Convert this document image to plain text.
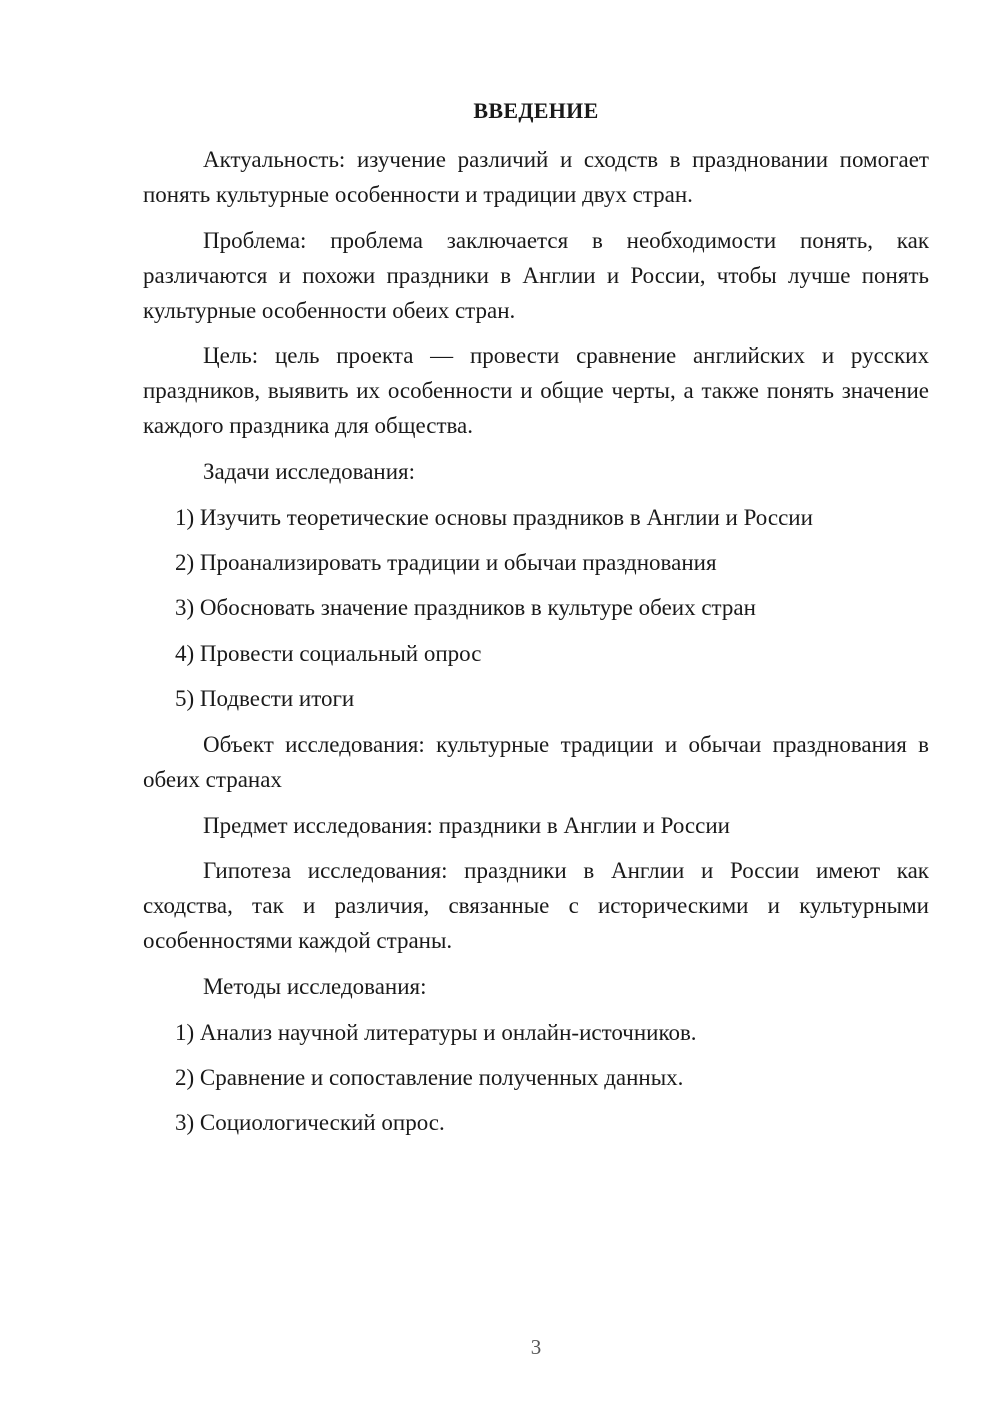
ВВЕДЕНИЕ
Актуальность: изучение различий и сходств в праздновании помогает понять культурные особенности и традиции двух стран.
Проблема: проблема заключается в необходимости понять, как различаются и похожи праздники в Англии и России, чтобы лучше понять культурные особенности обеих стран.
Цель: цель проекта — провести сравнение английских и русских праздников, выявить их особенности и общие черты, а также понять значение каждого праздника для общества.
Задачи исследования:
1) Изучить теоретические основы праздников в Англии и России
2) Проанализировать традиции и обычаи празднования
3) Обосновать значение праздников в культуре обеих стран
4) Провести социальный опрос
5) Подвести итоги
Объект исследования: культурные традиции и обычаи празднования в обеих странах
Предмет исследования: праздники в Англии и России
Гипотеза исследования: праздники в Англии и России имеют как сходства, так и различия, связанные с историческими и культурными особенностями каждой страны.
Методы исследования:
1) Анализ научной литературы и онлайн-источников.
2) Сравнение и сопоставление полученных данных.
3) Социологический опрос.
3
